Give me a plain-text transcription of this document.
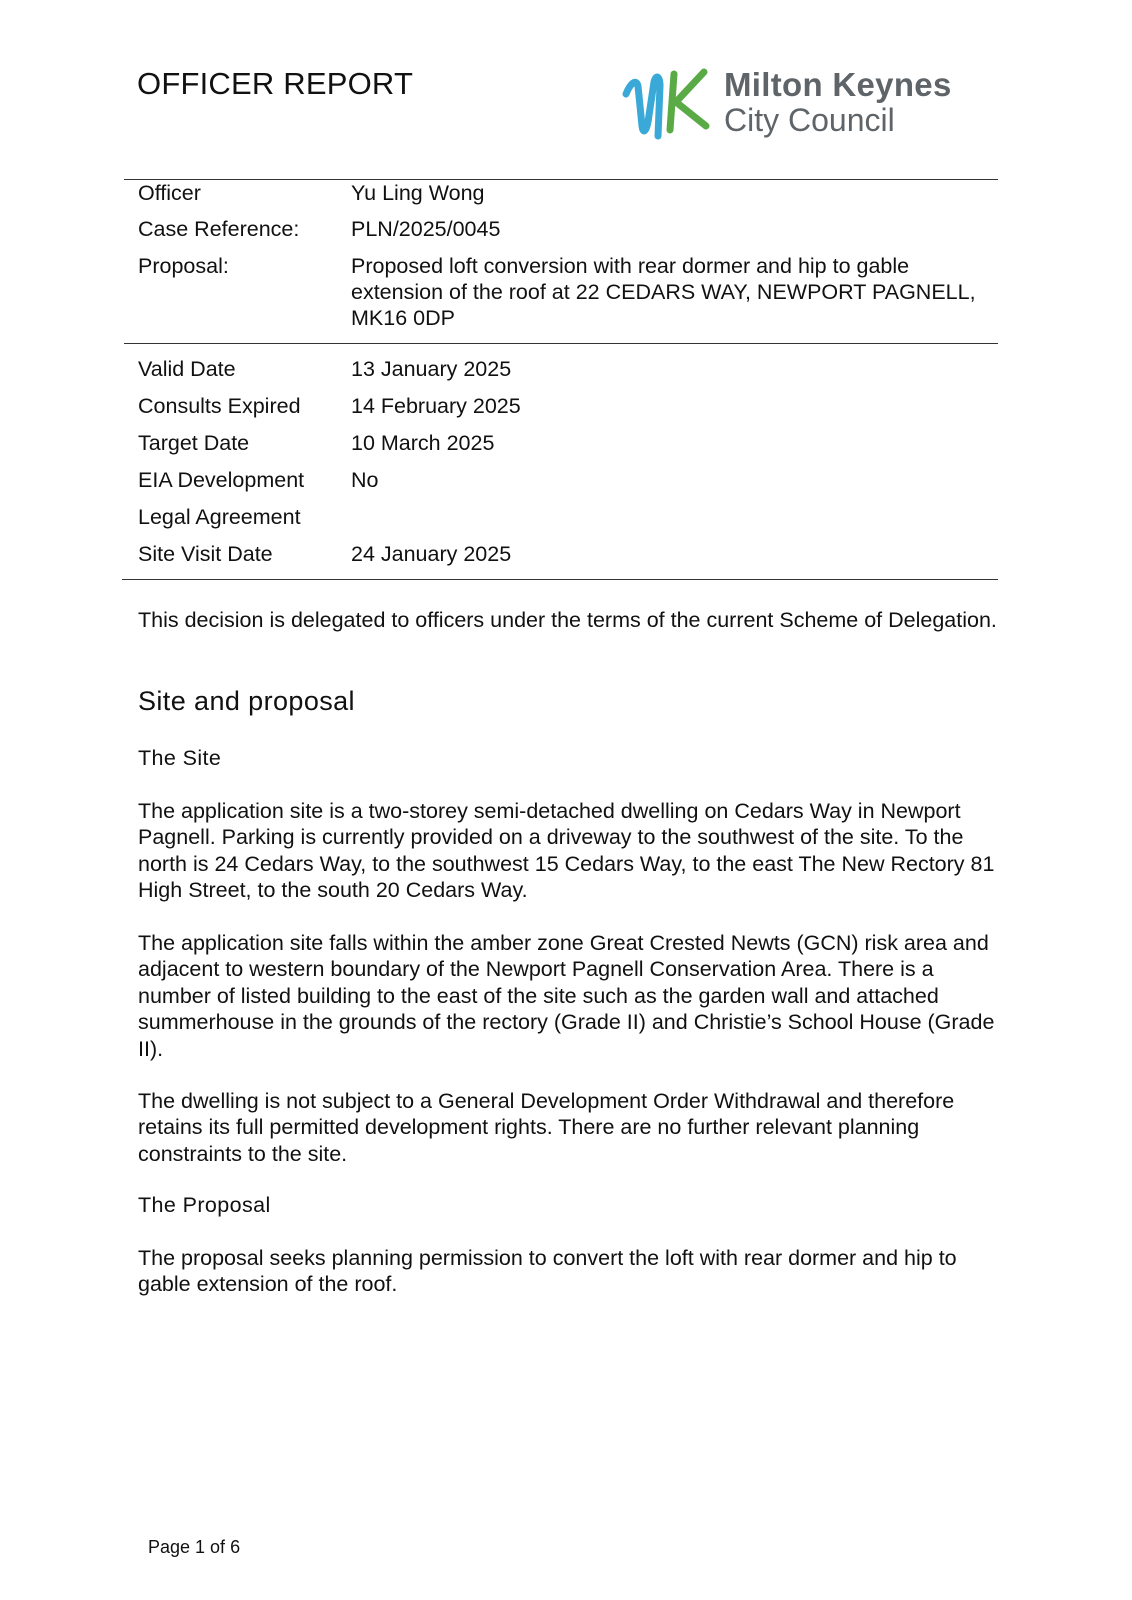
OFFICER REPORT	Milton Keynes
City Council
Officer	Yu Ling Wong
Case Reference: PLN/2025/0045
Proposal:	Proposed loft conversion with rear dormer and hip to gable extension of the roof at 22 CEDARS WAY, NEWPORT PAGNELL, MK16 0DP
Valid Date	13 January 2025
Consults Expired 14 February 2025
Target Date	10 March 2025
EIA Development No
Legal Agreement
Site Visit Date	24 January 2025

This decision is delegated to officers under the terms of the current Scheme of Delegation.

Site and proposal
The Site

The application site is a two-storey semi-detached dwelling on Cedars Way in Newport Pagnell. Parking is currently provided on a driveway to the southwest of the site. To the north is 24 Cedars Way, to the southwest 15 Cedars Way, to the east The New Rectory 81 High Street, to the south 20 Cedars Way.

The application site falls within the amber zone Great Crested Newts (GCN) risk area and adjacent to western boundary of the Newport Pagnell Conservation Area. There is a number of listed building to the east of the site such as the garden wall and attached summerhouse in the grounds of the rectory (Grade II) and Christie’s School House (Grade II).

The dwelling is not subject to a General Development Order Withdrawal and therefore retains its full permitted development rights. There are no further relevant planning constraints to the site.

The Proposal

The proposal seeks planning permission to convert the loft with rear dormer and hip to gable extension of the roof.

Page 1 of 6
